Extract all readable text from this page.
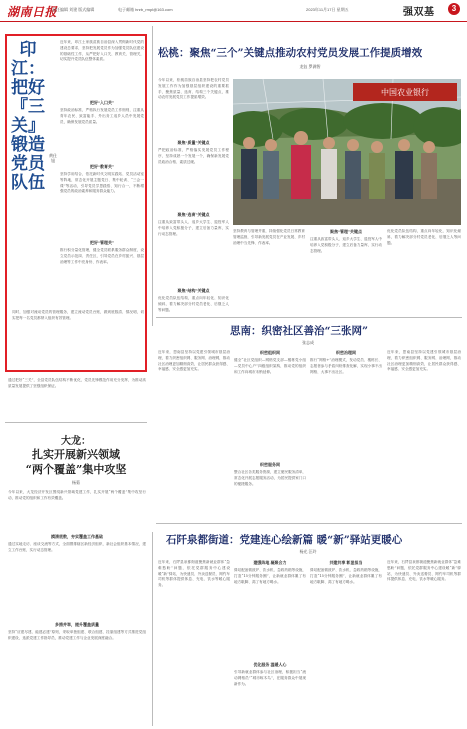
湖南日报
责任编辑 刘建 版式编辑	电子邮箱 hnrb_rmpl@163.com	2023年11月17日 星期五	强双基	3
印江：
把好
『三关』
锻造党员
队伍
黄仕旭
近年来，印江土家族苗族自治县深入贯彻新时代党的建设总要求，坚持把发展党员作为加强党员队伍建设的基础性工作，从严把好入口关、教育关、管理关，切实提升党员队伍整体素质。
把好“入口关”
坚持政治标准，严格执行发展党员工作细则，注重从青年农民、致富能手、外出务工返乡人员中发展党员，确保发展党员质量。
把好“教育关”
坚持学用结合，依托新时代文明实践站、党员活动室等阵地，常态化开展主题党日、集中轮训、“三会一课”等活动，引导党员学思践悟、知行合一，不断增强党员的政治素养和服务群众能力。
把好“管理关”
推行积分量化管理，健全党员联系服务群众制度，设立党员示范岗、责任区，引导党员在乡村振兴、基层治理等工作中亮身份、作表率。
同时，加强对流动党员的管理服务，建立流动党员台账，做到底数清、情况明，切实把每一名党员都纳入组织有效管理。
通过把好“三关”，全县党员队伍结构不断优化，党员先锋模范作用充分发挥，为推动高质量发展提供了坚强组织保证。
大龙：
扎实开展新兴领域
“两个覆盖”集中攻坚
杨菊
今年以来，大龙经济开发区围绕新兴领域党建工作，扎实开展“两个覆盖”集中攻坚行动，推动党的组织和工作有效覆盖。
摸清底数，夯实覆盖工作基础
通过实地走访、座谈交流等方式，全面摸排辖区新经济组织、新社会组织基本情况，建立工作台账，实行动态管理。
多措并举，提升覆盖质量
坚持“应建尽建、能建必建”原则，采取单独组建、联合组建、挂靠组建等方式推进党组织建设，选派党建工作指导员，推动党建工作与企业发展深度融合。
松桃：聚焦“三个”关键点推动农村党员发展工作提质增效
龙钰 罗满智
今年以来，松桃苗族自治县坚持把农村党员发展工作作为加强基层组织建设的重要抓手，聚焦质量、选育、结构三个关键点，推动农村发展党员工作提质增效。
聚焦“质量”关键点
严把政治标准，严格落实发展党员工作程序，坚持成熟一个发展一个，确保新发展党员政治合格、素质过硬。
聚焦“选育”关键点
注重从致富带头人、返乡大学生、退役军人中培养入党积极分子，建立后备力量库，实行动态管理。
聚焦“结构”关键点
优化党员队伍结构，重点向年轻化、知识化倾斜，着力解决部分村党员老化、后继乏人等问题。
中国农业银行
坚持教育与管理并重，持续强化党员日常教育管理监督，引导新发展党员在产业发展、乡村治理中当先锋、作表率。
聚焦“管理”关键点
注重从致富带头人、返乡大学生、退役军人中培养入党积极分子，建立后备力量库，实行动态管理。
优化党员队伍结构，重点向年轻化、知识化倾斜，着力解决部分村党员老化、后继乏人等问题。
思南：织密社区善治“三张网”
张志成
近年来，思南县坚持以党建引领城市基层治理，着力织密组织网、服务网、治理网，推动社区治理更加精细高效，让居民群众获得感、幸福感、安全感更加充实。
织密组织网
健全“社区党组织—网格党支部—楼栋党小组—党员中心户”四级组织架构，推动党的组织和工作向城市末梢延伸。
织密服务网
整合社区各类服务资源，建立便民服务清单，常态化开展志愿服务活动，为居民提供家门口的便捷服务。
织密治理网
推行“网格+”治理模式，发动党员、楼栋长、志愿者参与矛盾纠纷排查化解，实现小事不出网格、大事不出社区。
近年来，思南县坚持以党建引领城市基层治理，着力织密组织网、服务网、治理网，推动社区治理更加精细高效，让居民群众获得感、幸福感、安全感更加充实。
石阡泉都街道：党建连心绘新篇 暖“新”驿站更暖心
杨光 汪玲
近年来，石阡县泉都街道聚焦新就业群体“急难愁盼”问题，依托党群服务中心建设暖“新”驿站，为快递员、外卖送餐员、网约车司机等群体提供休息、充电、饮水等暖心服务。
建强阵地 凝聚合力
驿站配备微波炉、饮水机、急救药箱等设施，打造“15分钟服务圈”，让新就业群体累了有地方歇脚、渴了有地方喝水。
优化服务 温暖人心
引导新就业群体参与社区治理，积极担当“流动网格员”“城市啄木鸟”，在服务群众中展现新作为。
共建共享 彰显担当
驿站配备微波炉、饮水机、急救药箱等设施，打造“15分钟服务圈”，让新就业群体累了有地方歇脚、渴了有地方喝水。
近年来，石阡县泉都街道聚焦新就业群体“急难愁盼”问题，依托党群服务中心建设暖“新”驿站，为快递员、外卖送餐员、网约车司机等群体提供休息、充电、饮水等暖心服务。
